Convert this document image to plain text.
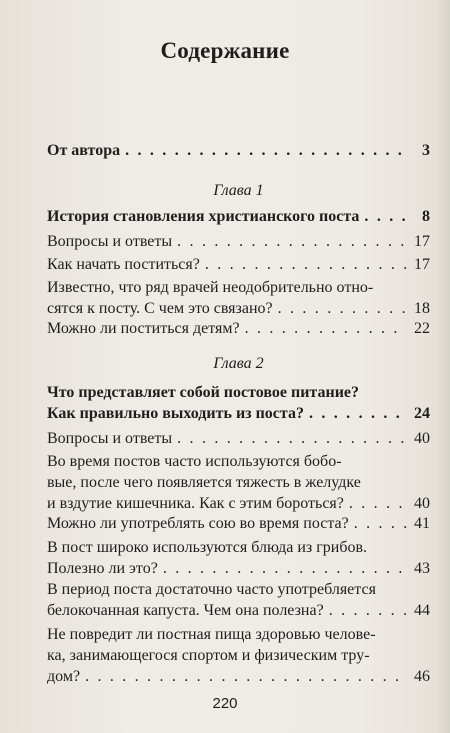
Содержание
От автора . . .	3
Глава 1
История становления христианского поста . . .	8
Вопросы и ответы . . .	17
Как начать поститься? . . .	17
Известно, что ряд врачей неодобрительно отно-
сятся к посту. С чем это связано? . . .	18
Можно ли поститься детям? . . .	22
Глава 2
Что представляет собой постовое питание?
Как правильно выходить из поста? . . .	24
Вопросы и ответы . . .	40
Во время постов часто используются бобо-
вые, после чего появляется тяжесть в желудке
и вздутие кишечника. Как с этим бороться? . . .	40
Можно ли употреблять сою во время поста? . . .	41
В пост широко используются блюда из грибов.
Полезно ли это? . . .	43
В период поста достаточно часто употребляется
белокочанная капуста. Чем она полезна? . . .	44
Не повредит ли постная пища здоровью челове-
ка, занимающегося спортом и физическим тру-
дом? . . .	46
220
